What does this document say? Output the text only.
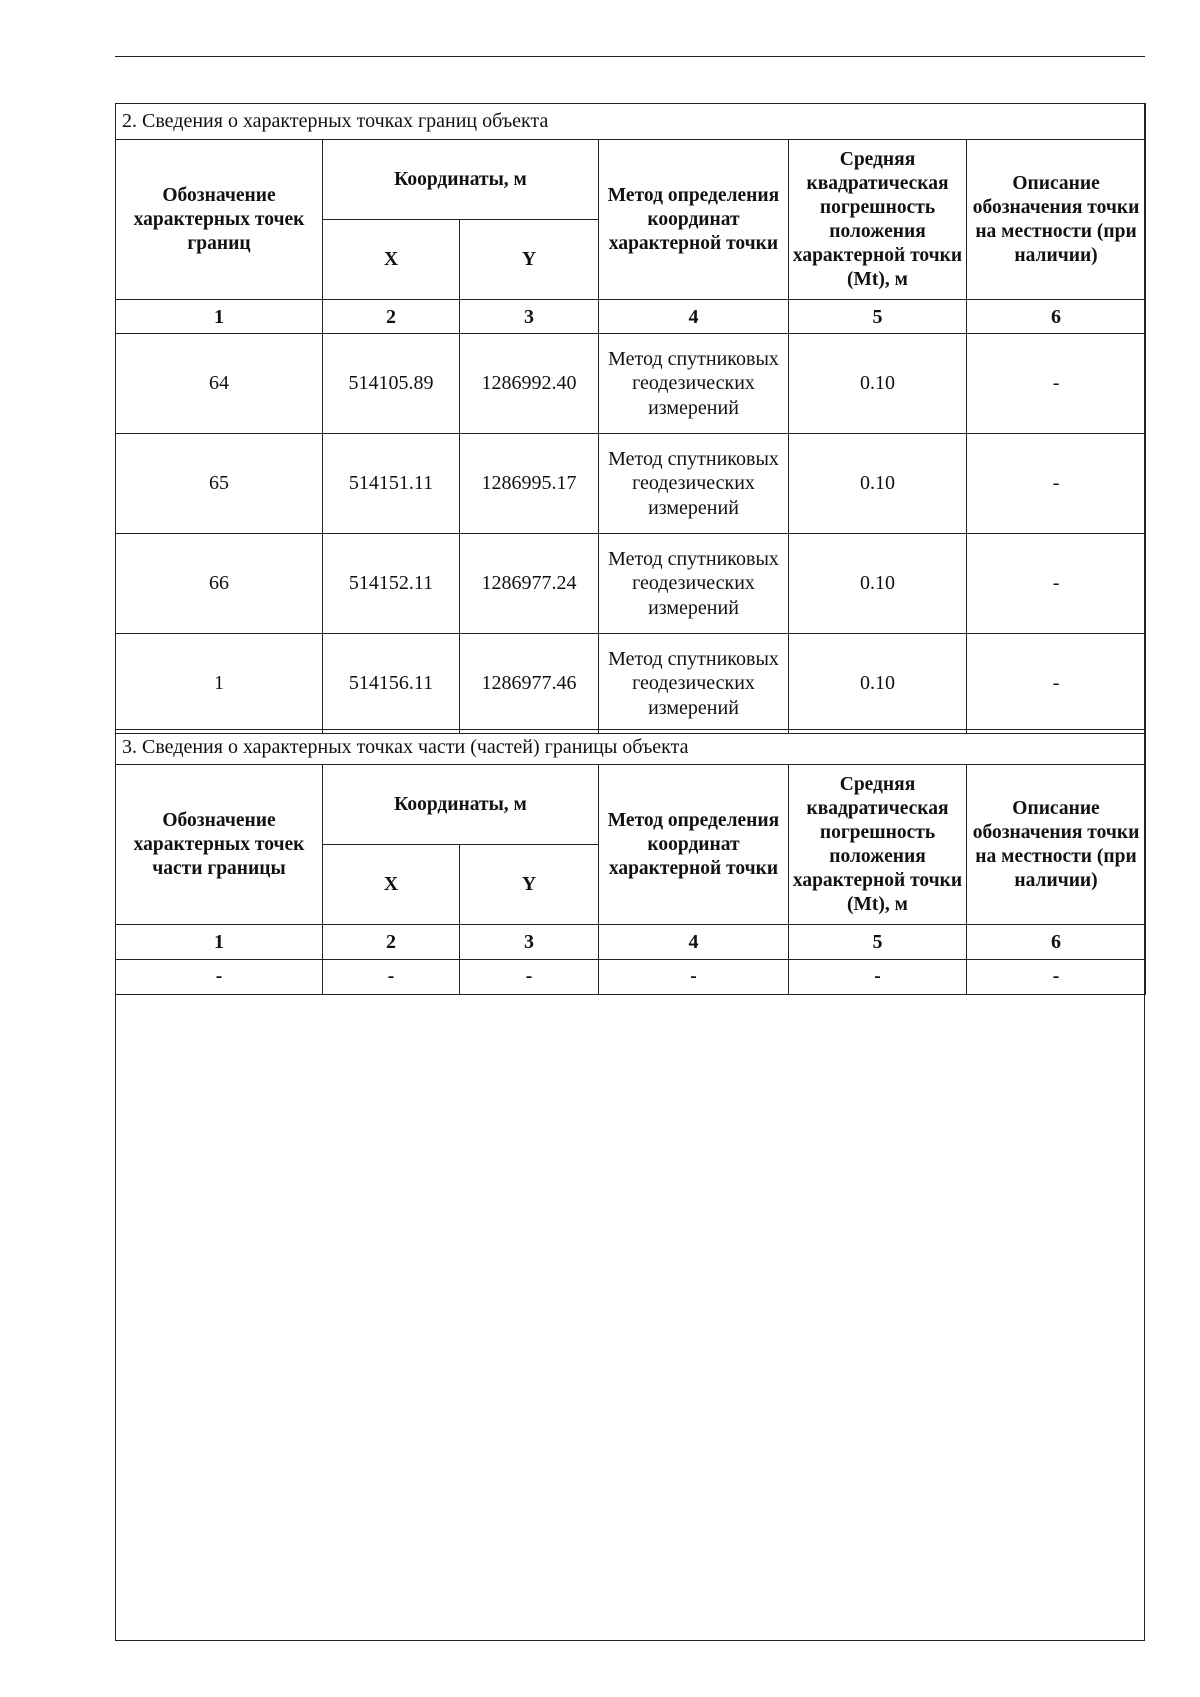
2. Сведения о характерных точках границ объекта					
Обозначение характерных точек границ	Координаты, м		Метод определения координат характерной точки	Средняя квадратическая погрешность положения характерной точки (Mt), м	Описание обозначения точки на местности (при наличии)
	X	Y			
1	2	3	4	5	6
64	514105.89	1286992.40	Метод спутниковых геодезических измерений	0.10	-
65	514151.11	1286995.17	Метод спутниковых геодезических измерений	0.10	-
66	514152.11	1286977.24	Метод спутниковых геодезических измерений	0.10	-
1	514156.11	1286977.46	Метод спутниковых геодезических измерений	0.10	-
3. Сведения о характерных точках части (частей) границы объекта					
Обозначение характерных точек части границы	Координаты, м		Метод определения координат характерной точки	Средняя квадратическая погрешность положения характерной точки (Mt), м	Описание обозначения точки на местности (при наличии)
	X	Y			
1	2	3	4	5	6
-	-	-	-	-	-
